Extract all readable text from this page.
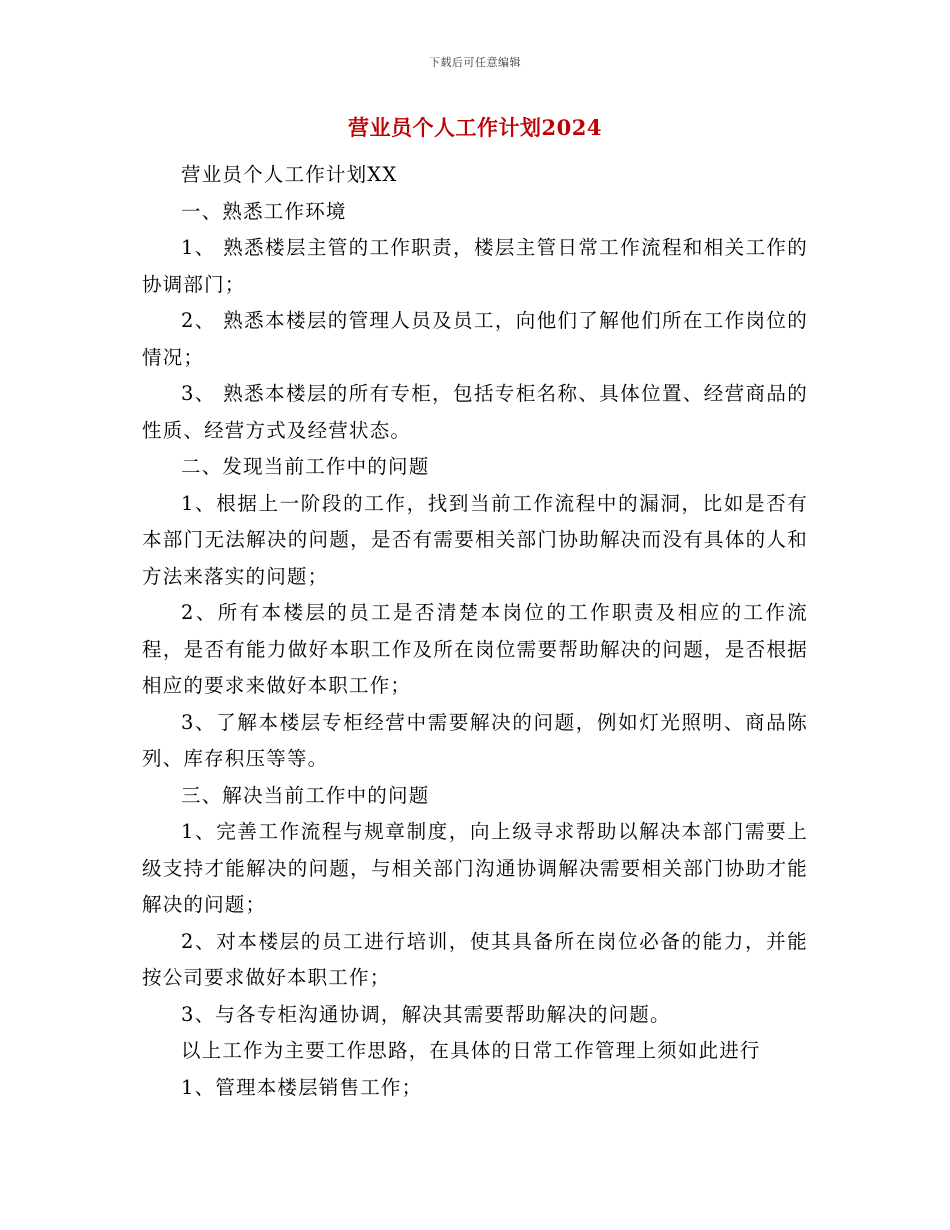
下载后可任意编辑
营业员个人工作计划2024

营业员个人工作计划XX

一、熟悉工作环境

1、 熟悉楼层主管的工作职责，楼层主管日常工作流程和相关工作的协调部门；

2、 熟悉本楼层的管理人员及员工，向他们了解他们所在工作岗位的情况；

3、 熟悉本楼层的所有专柜，包括专柜名称、具体位置、经营商品的性质、经营方式及经营状态。

二、发现当前工作中的问题

1、根据上一阶段的工作，找到当前工作流程中的漏洞，比如是否有本部门无法解决的问题，是否有需要相关部门协助解决而没有具体的人和方法来落实的问题；

2、所有本楼层的员工是否清楚本岗位的工作职责及相应的工作流程，是否有能力做好本职工作及所在岗位需要帮助解决的问题，是否根据相应的要求来做好本职工作；

3、了解本楼层专柜经营中需要解决的问题，例如灯光照明、商品陈列、库存积压等等。

三、解决当前工作中的问题

1、完善工作流程与规章制度，向上级寻求帮助以解决本部门需要上级支持才能解决的问题，与相关部门沟通协调解决需要相关部门协助才能解决的问题；

2、对本楼层的员工进行培训，使其具备所在岗位必备的能力，并能按公司要求做好本职工作；

3、与各专柜沟通协调，解决其需要帮助解决的问题。

以上工作为主要工作思路，在具体的日常工作管理上须如此进行

1、管理本楼层销售工作；
